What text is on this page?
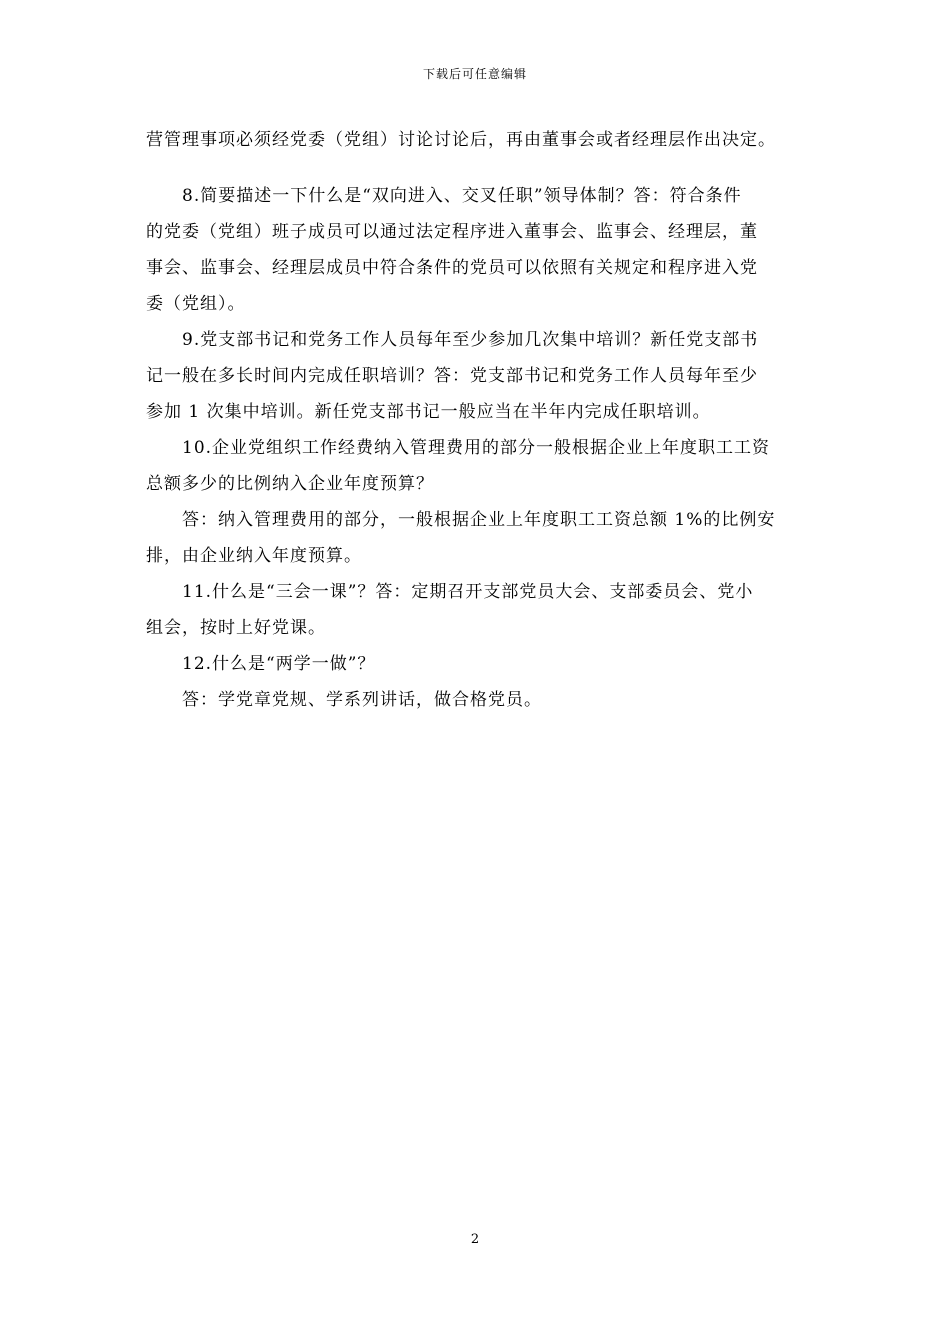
下载后可任意编辑
营管理事项必须经党委（党组）讨论讨论后，再由董事会或者经理层作出决定。
8.简要描述一下什么是“双向进入、交叉任职”领导体制？答：符合条件
的党委（党组）班子成员可以通过法定程序进入董事会、监事会、经理层，董
事会、监事会、经理层成员中符合条件的党员可以依照有关规定和程序进入党
委（党组）。
9.党支部书记和党务工作人员每年至少参加几次集中培训？新任党支部书
记一般在多长时间内完成任职培训？答：党支部书记和党务工作人员每年至少
参加 1 次集中培训。新任党支部书记一般应当在半年内完成任职培训。
10.企业党组织工作经费纳入管理费用的部分一般根据企业上年度职工工资
总额多少的比例纳入企业年度预算？
答：纳入管理费用的部分，一般根据企业上年度职工工资总额 1%的比例安
排，由企业纳入年度预算。
11.什么是“三会一课”？答：定期召开支部党员大会、支部委员会、党小
组会，按时上好党课。
12.什么是“两学一做”？
答：学党章党规、学系列讲话，做合格党员。
2
